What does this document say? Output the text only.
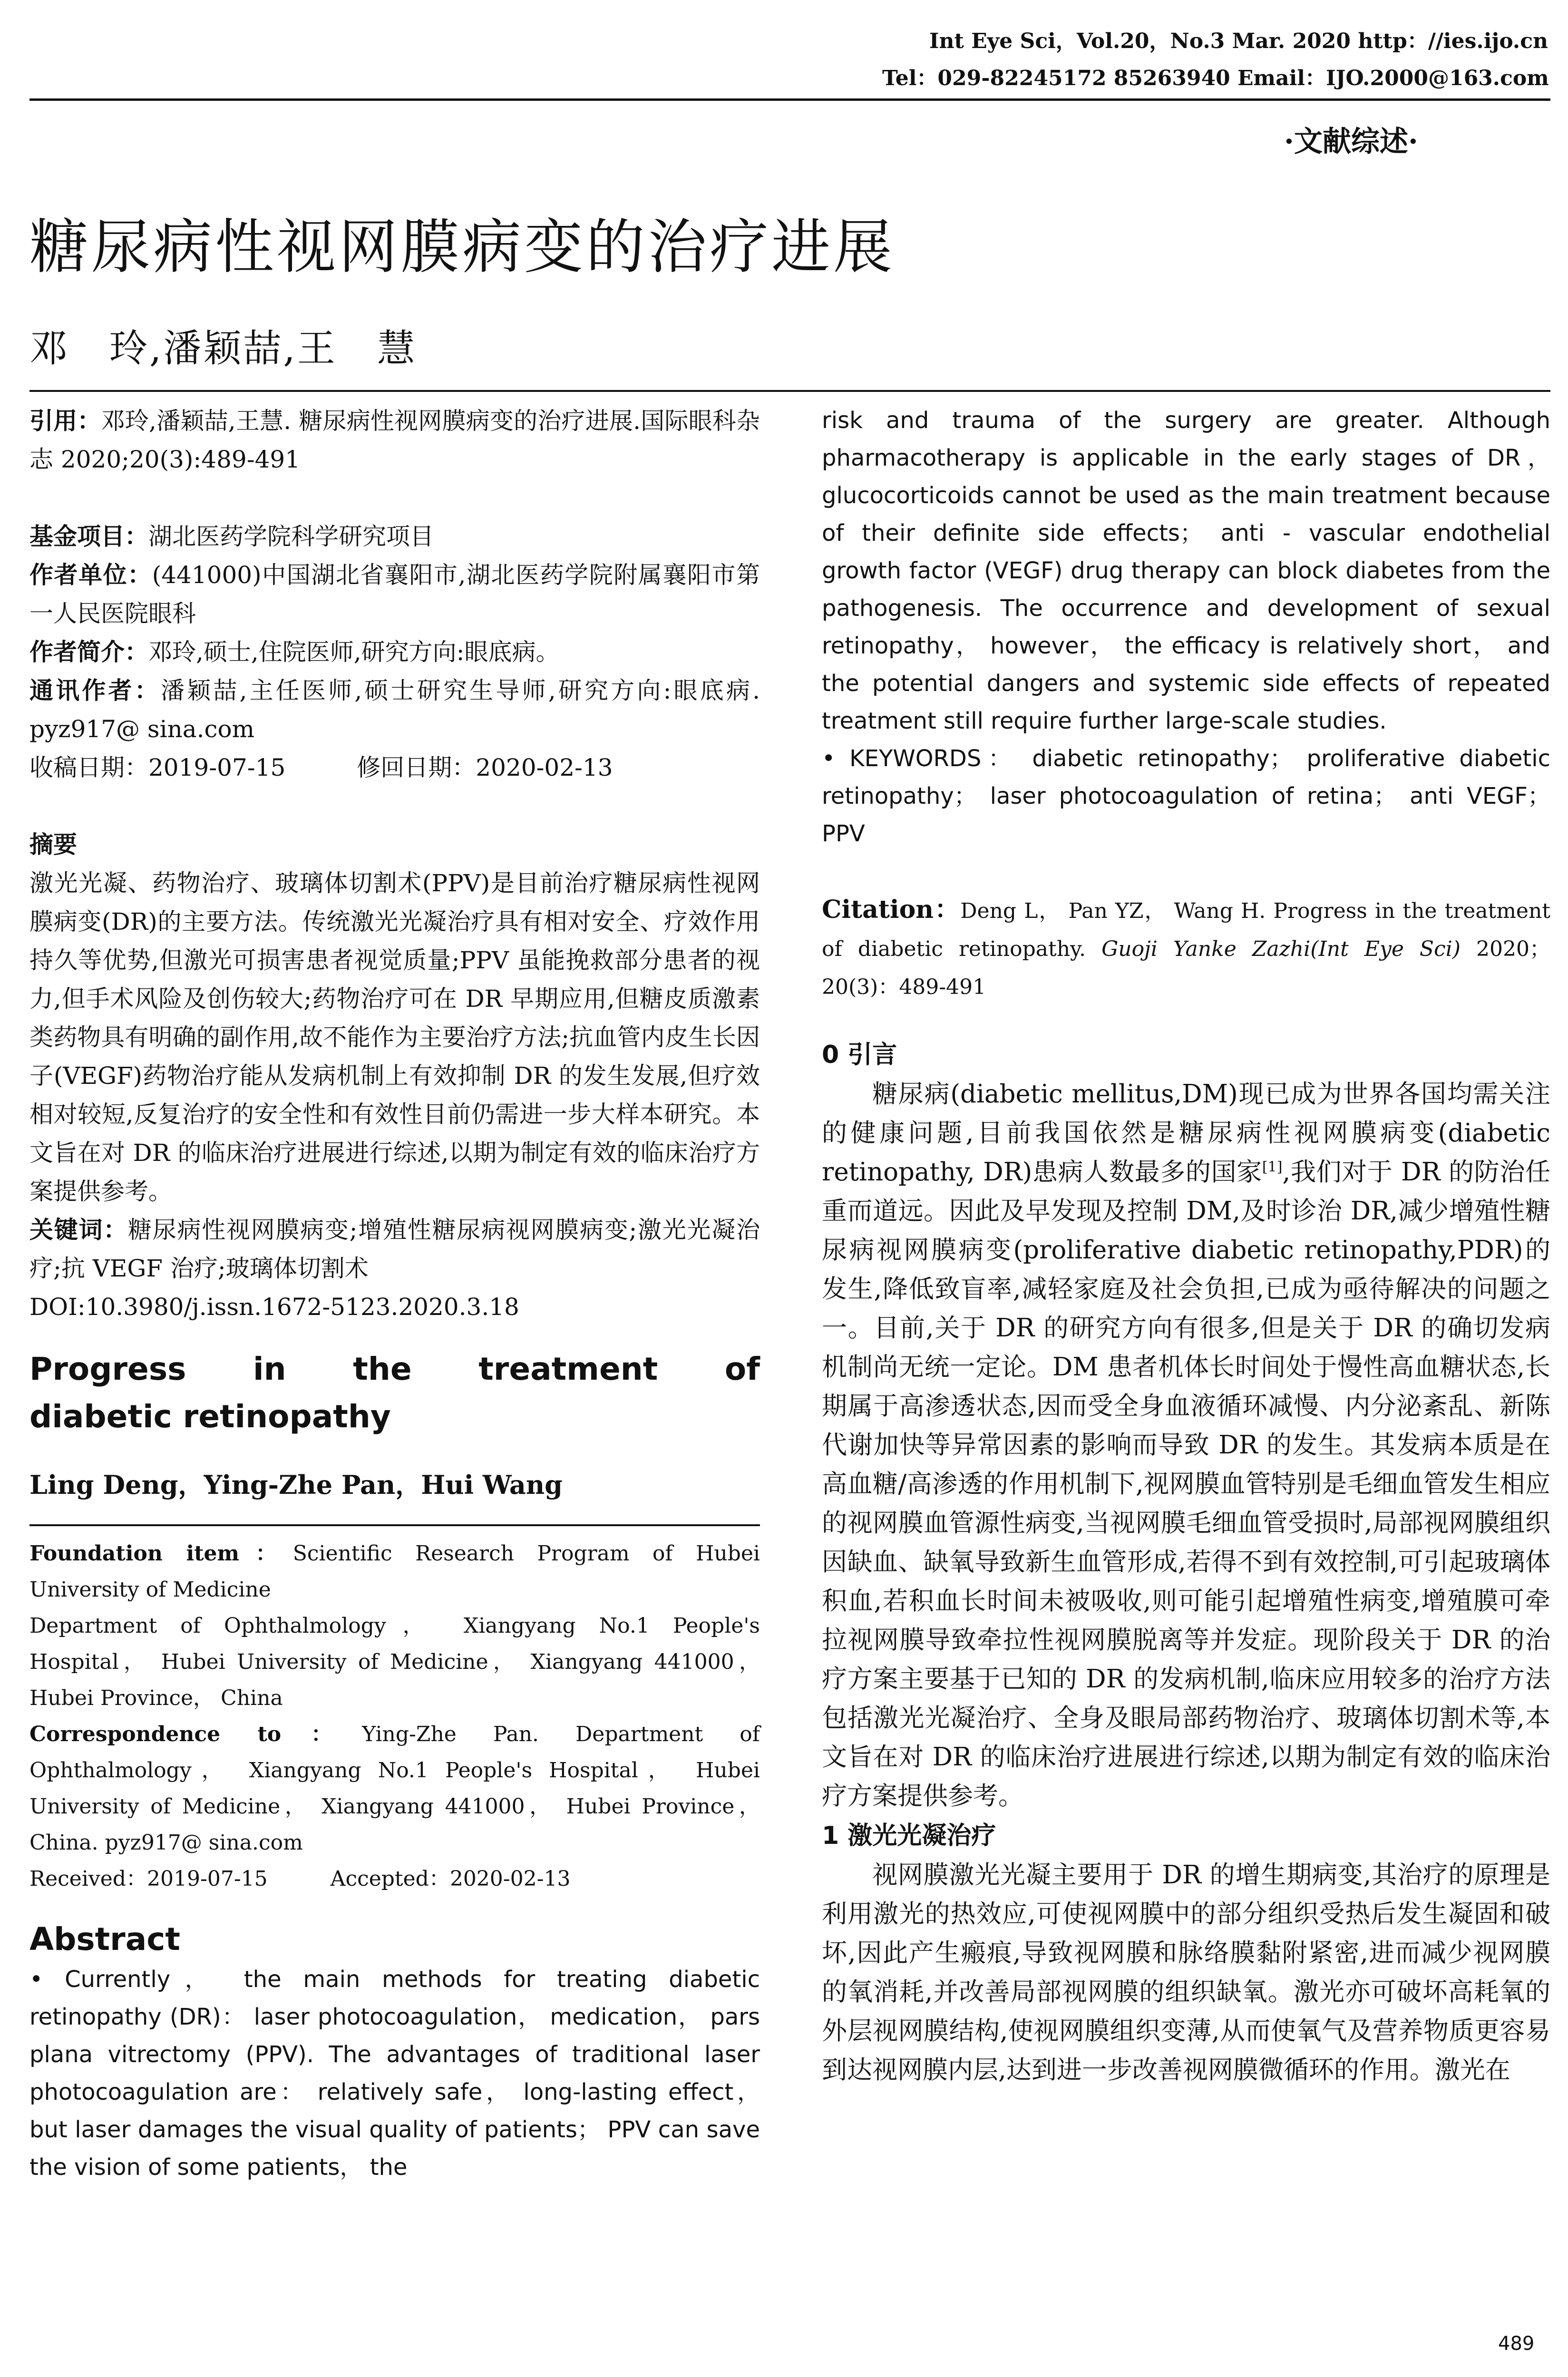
Int Eye Sci，Vol.20，No.3 Mar. 2020 http：//ies.ijo.cn
Tel：029-82245172 85263940 Email：IJO.2000@163.com
·文献综述·
糖尿病性视网膜病变的治疗进展
邓　玲,潘颖喆,王　慧

引用：邓玲,潘颖喆,王慧. 糖尿病性视网膜病变的治疗进展.国际眼科杂志 2020;20(3):489-491

基金项目：湖北医药学院科学研究项目

作者单位：(441000)中国湖北省襄阳市,湖北医药学院附属襄阳市第一人民医院眼科

作者简介：邓玲,硕士,住院医师,研究方向:眼底病。

通讯作者：潘颖喆,主任医师,硕士研究生导师,研究方向:眼底病. pyz917@ sina.com

收稿日期：2019-07-15　　　修回日期：2020-02-13

摘要

激光光凝、药物治疗、玻璃体切割术(PPV)是目前治疗糖尿病性视网膜病变(DR)的主要方法。传统激光光凝治疗具有相对安全、疗效作用持久等优势,但激光可损害患者视觉质量;PPV 虽能挽救部分患者的视力,但手术风险及创伤较大;药物治疗可在 DR 早期应用,但糖皮质激素类药物具有明确的副作用,故不能作为主要治疗方法;抗血管内皮生长因子(VEGF)药物治疗能从发病机制上有效抑制 DR 的发生发展,但疗效相对较短,反复治疗的安全性和有效性目前仍需进一步大样本研究。本文旨在对 DR 的临床治疗进展进行综述,以期为制定有效的临床治疗方案提供参考。

关键词：糖尿病性视网膜病变;增殖性糖尿病视网膜病变;激光光凝治疗;抗 VEGF 治疗;玻璃体切割术

DOI:10.3980/j.issn.1672-5123.2020.3.18

Progress in the treatment of
diabetic retinopathy
Ling Deng，Ying-Zhe Pan，Hui Wang

Foundation item：Scientific Research Program of Hubei University of Medicine

Department of Ophthalmology， Xiangyang No.1 People's Hospital， Hubei University of Medicine， Xiangyang 441000， Hubei Province， China

Correspondence to：Ying-Zhe Pan. Department of Ophthalmology， Xiangyang No.1 People's Hospital， Hubei University of Medicine， Xiangyang 441000， Hubei Province， China. pyz917@ sina.com

Received：2019-07-15　　　Accepted：2020-02-13

Abstract

• Currently， the main methods for treating diabetic retinopathy (DR)： laser photocoagulation， medication， pars plana vitrectomy (PPV). The advantages of traditional laser photocoagulation are： relatively safe， long-lasting effect， but laser damages the visual quality of patients； PPV can save the vision of some patients， the

risk and trauma of the surgery are greater. Although pharmacotherapy is applicable in the early stages of DR， glucocorticoids cannot be used as the main treatment because of their definite side effects； anti - vascular endothelial growth factor (VEGF) drug therapy can block diabetes from the pathogenesis. The occurrence and development of sexual retinopathy， however， the efficacy is relatively short， and the potential dangers and systemic side effects of repeated treatment still require further large-scale studies.

• KEYWORDS： diabetic retinopathy； proliferative diabetic retinopathy； laser photocoagulation of retina； anti VEGF； PPV

Citation：Deng L， Pan YZ， Wang H. Progress in the treatment of diabetic retinopathy. Guoji Yanke Zazhi(Int Eye Sci) 2020；20(3)：489-491

0 引言

糖尿病(diabetic mellitus,DM)现已成为世界各国均需关注的健康问题,目前我国依然是糖尿病性视网膜病变(diabetic retinopathy, DR)患病人数最多的国家[1],我们对于 DR 的防治任重而道远。因此及早发现及控制 DM,及时诊治 DR,减少增殖性糖尿病视网膜病变(proliferative diabetic retinopathy,PDR)的发生,降低致盲率,减轻家庭及社会负担,已成为亟待解决的问题之一。目前,关于 DR 的研究方向有很多,但是关于 DR 的确切发病机制尚无统一定论。DM 患者机体长时间处于慢性高血糖状态,长期属于高渗透状态,因而受全身血液循环减慢、内分泌紊乱、新陈代谢加快等异常因素的影响而导致 DR 的发生。其发病本质是在高血糖/高渗透的作用机制下,视网膜血管特别是毛细血管发生相应的视网膜血管源性病变,当视网膜毛细血管受损时,局部视网膜组织因缺血、缺氧导致新生血管形成,若得不到有效控制,可引起玻璃体积血,若积血长时间未被吸收,则可能引起增殖性病变,增殖膜可牵拉视网膜导致牵拉性视网膜脱离等并发症。现阶段关于 DR 的治疗方案主要基于已知的 DR 的发病机制,临床应用较多的治疗方法包括激光光凝治疗、全身及眼局部药物治疗、玻璃体切割术等,本文旨在对 DR 的临床治疗进展进行综述,以期为制定有效的临床治疗方案提供参考。

1 激光光凝治疗

视网膜激光光凝主要用于 DR 的增生期病变,其治疗的原理是利用激光的热效应,可使视网膜中的部分组织受热后发生凝固和破坏,因此产生瘢痕,导致视网膜和脉络膜黏附紧密,进而减少视网膜的氧消耗,并改善局部视网膜的组织缺氧。激光亦可破坏高耗氧的外层视网膜结构,使视网膜组织变薄,从而使氧气及营养物质更容易到达视网膜内层,达到进一步改善视网膜微循环的作用。激光在

489
